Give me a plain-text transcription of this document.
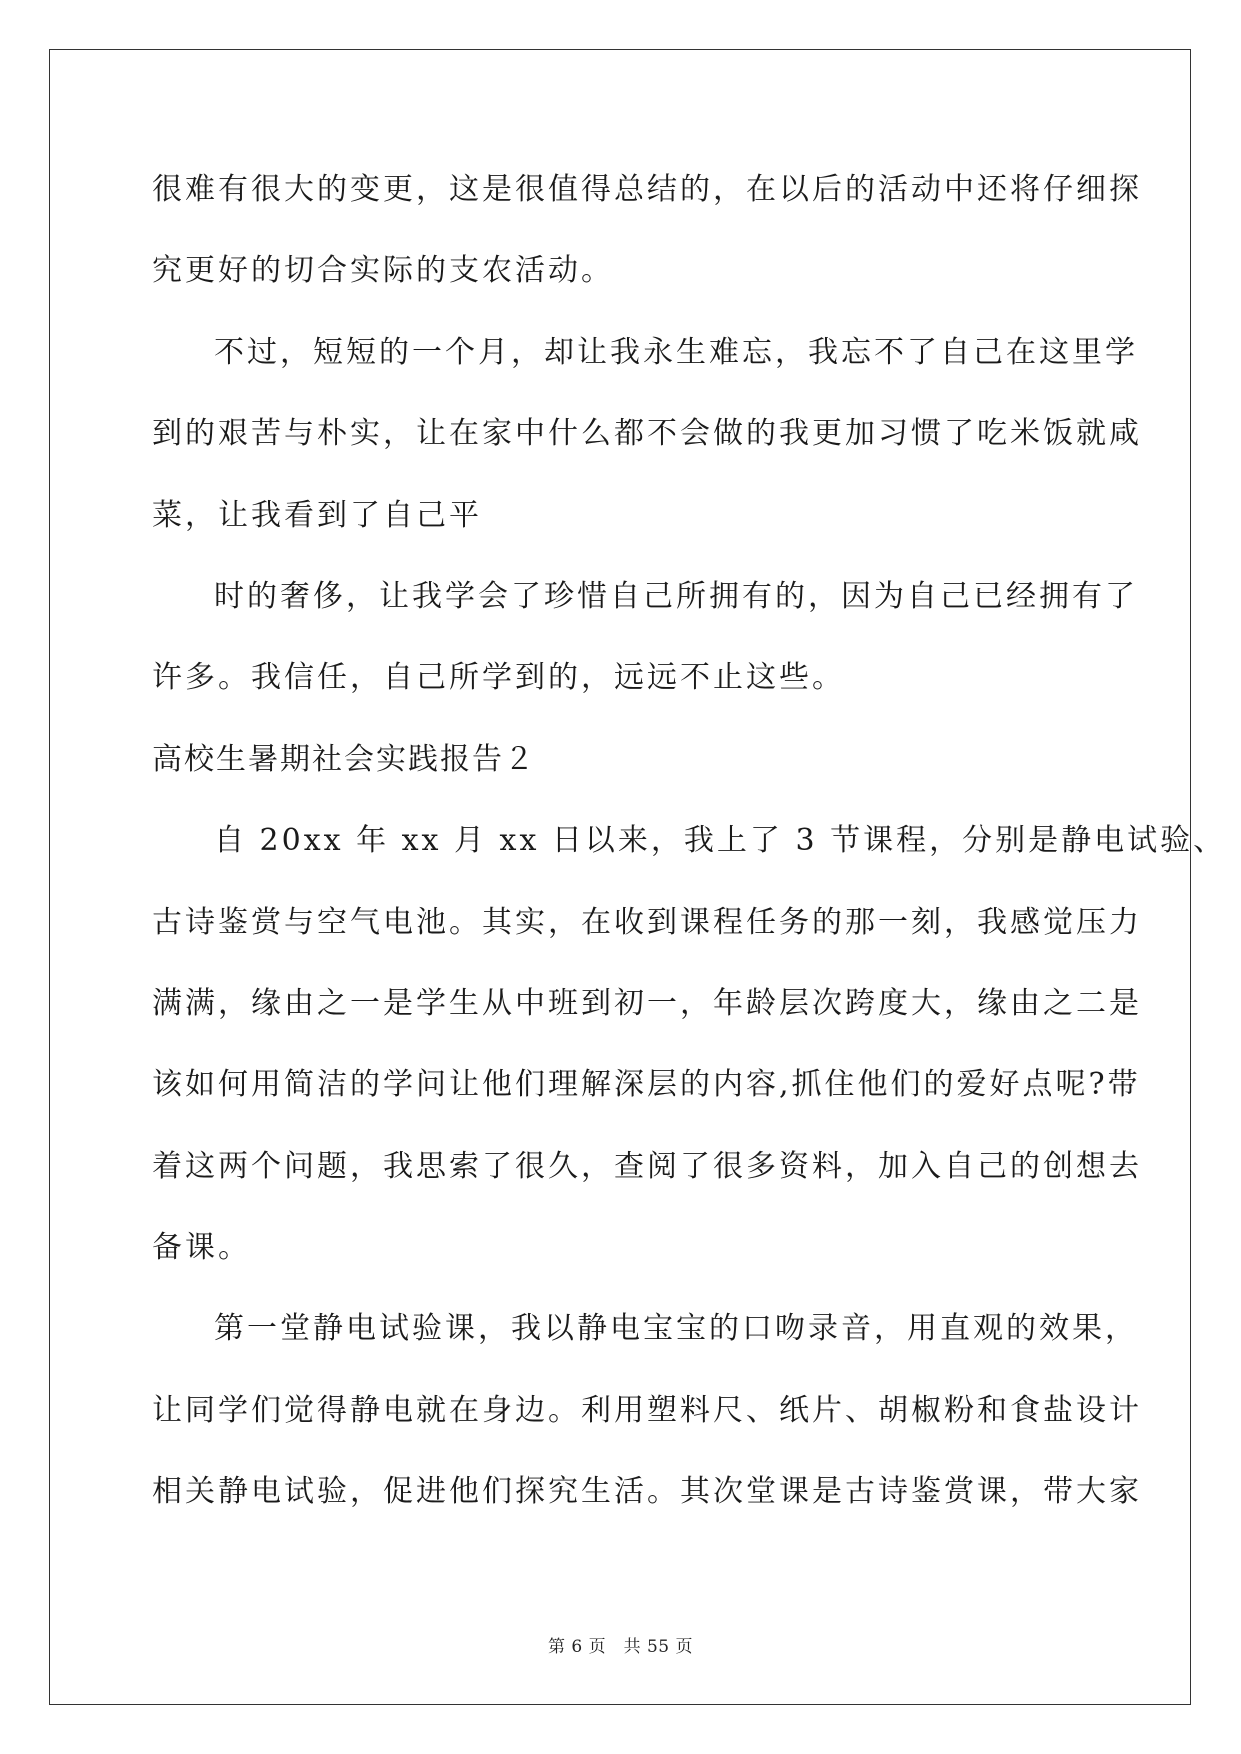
很难有很大的变更，这是很值得总结的，在以后的活动中还将仔细探
究更好的切合实际的支农活动。
不过，短短的一个月，却让我永生难忘，我忘不了自己在这里学
到的艰苦与朴实，让在家中什么都不会做的我更加习惯了吃米饭就咸
菜，让我看到了自己平
时的奢侈，让我学会了珍惜自己所拥有的，因为自己已经拥有了
许多。我信任，自己所学到的，远远不止这些。
高校生暑期社会实践报告２
自 20xx 年 xx 月 xx 日以来，我上了 3 节课程，分别是静电试验、
古诗鉴赏与空气电池。其实，在收到课程任务的那一刻，我感觉压力
满满，缘由之一是学生从中班到初一，年龄层次跨度大，缘由之二是
该如何用简洁的学问让他们理解深层的内容,抓住他们的爱好点呢?带
着这两个问题，我思索了很久，查阅了很多资料，加入自己的创想去
备课。
第一堂静电试验课，我以静电宝宝的口吻录音，用直观的效果，
让同学们觉得静电就在身边。利用塑料尺、纸片、胡椒粉和食盐设计
相关静电试验，促进他们探究生活。其次堂课是古诗鉴赏课，带大家
第 6 页　共 55 页
